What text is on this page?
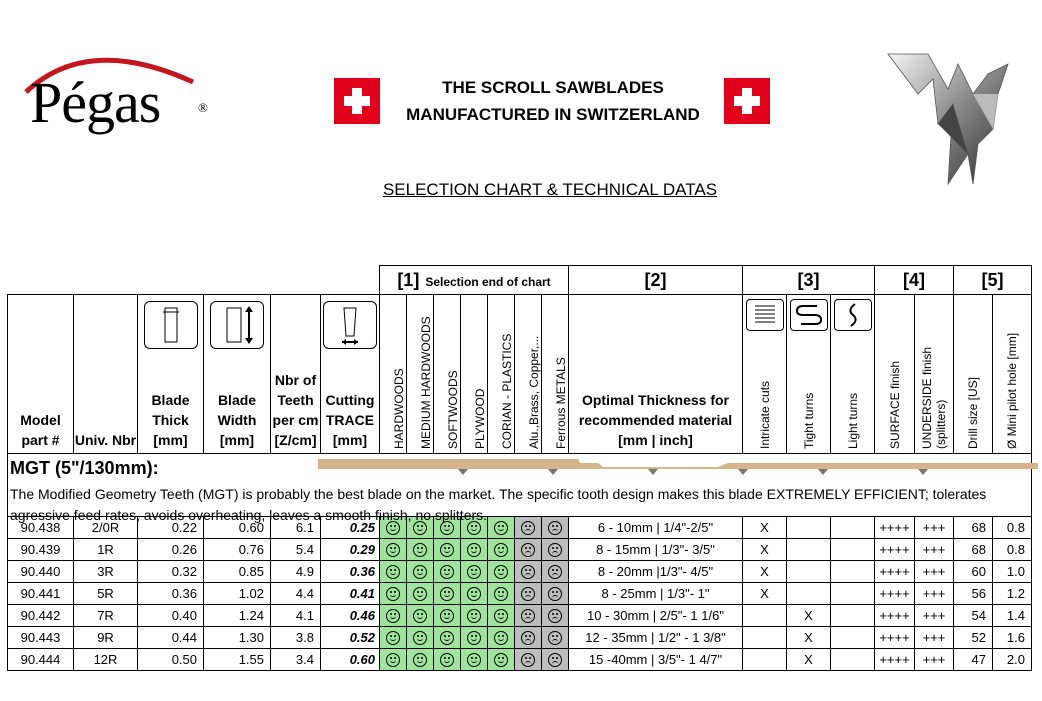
Pégas	®
THE SCROLL SAWBLADES
MANUFACTURED IN SWITZERLAND
SELECTION CHART & TECHNICAL DATAS
						[1] Selection end of chart							[2]	[3]			[4]		[5]	

Model part #	Univ. Nbr	Blade Thick [mm]	Blade Width [mm]	Nbr of Teeth per cm [Z/cm]	Cutting TRACE [mm]	HARDWOODS	MEDIUM HARDWOODS	SOFTWOODS	PLYWOOD	CORIAN - PLASTICS	Alu.,Brass, Copper,...	Ferrous METALS	Optimal Thickness for recommended material [mm | inch]	Intricate cuts	Tight turns	Light turns	SURFACE finish	UNDERSIDE finish (splitters)	Drill size [US]	Ø Mini pilot hole [mm]

MGT (5"/130mm):
The Modified Geometry Teeth (MGT) is probably the best blade on the market. The specific tooth design makes this blade EXTREMELY EFFICIENT; tolerates agressive feed rates, avoids overheating, leaves a smooth finish, no splitters.																				

90.438	2/0R	0.22	0.60	6.1	0.25								6 - 10mm | 1/4"-2/5"	X			++++	+++	68	0.8
90.439	1R	0.26	0.76	5.4	0.29								8 - 15mm | 1/3"- 3/5"	X			++++	+++	68	0.8
90.440	3R	0.32	0.85	4.9	0.36								8 - 20mm |1/3"- 4/5"	X			++++	+++	60	1.0
90.441	5R	0.36	1.02	4.4	0.41								8 - 25mm | 1/3"- 1"	X			++++	+++	56	1.2
90.442	7R	0.40	1.24	4.1	0.46								10 - 30mm | 2/5"- 1 1/6"		X		++++	+++	54	1.4
90.443	9R	0.44	1.30	3.8	0.52								12 - 35mm | 1/2" - 1 3/8"		X		++++	+++	52	1.6
90.444	12R	0.50	1.55	3.4	0.60								15 -40mm | 3/5"- 1 4/7"		X		++++	+++	47	2.0
